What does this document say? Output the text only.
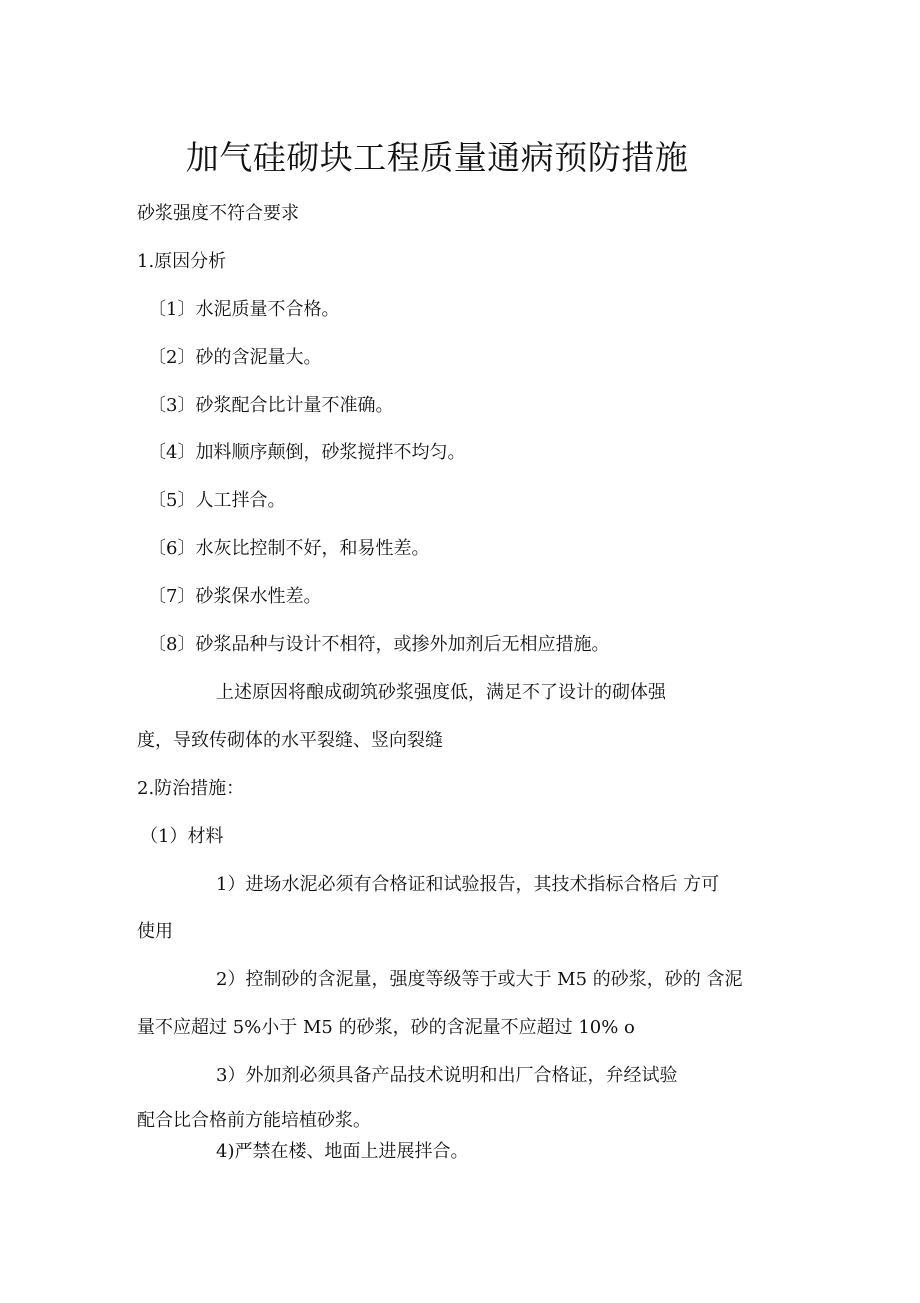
加气硅砌块工程质量通病预防措施
砂浆强度不符合要求
1.原因分析
〔1〕水泥质量不合格。
〔2〕砂的含泥量大。
〔3〕砂浆配合比计量不准确。
〔4〕加料顺序颠倒，砂浆搅拌不均匀。
〔5〕人工拌合。
〔6〕水灰比控制不好，和易性差。
〔7〕砂浆保水性差。
〔8〕砂浆品种与设计不相符，或掺外加剂后无相应措施。
上述原因将酿成砌筑砂浆强度低，满足不了设计的砌体强
度，导致传砌体的水平裂缝、竖向裂缝
2.防治措施：
（1）材料
1）进场水泥必须有合格证和试验报告，其技术指标合格后 方可
使用
2）控制砂的含泥量，强度等级等于或大于 M5 的砂浆，砂的 含泥
量不应超过 5%小于 M5 的砂浆，砂的含泥量不应超过 10% o
3）外加剂必须具备产品技术说明和出厂合格证，弁经试验
配合比合格前方能培植砂浆。
4)严禁在楼、地面上进展拌合。
